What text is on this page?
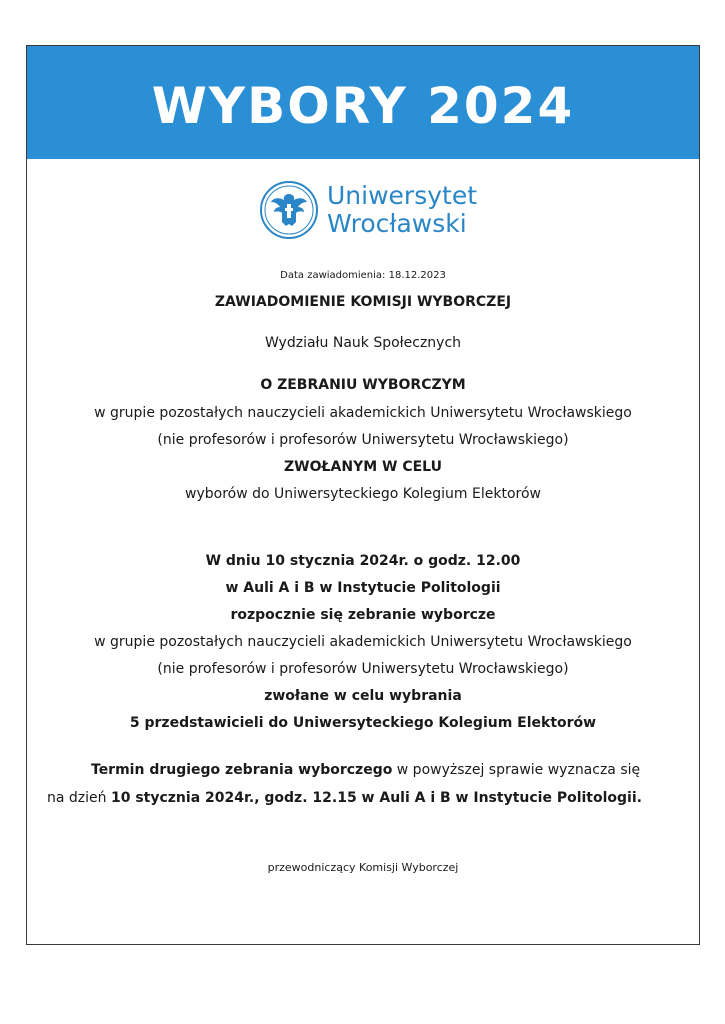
WYBORY 2024
Uniwersytet
Wrocławski
Data zawiadomienia: 18.12.2023
ZAWIADOMIENIE KOMISJI WYBORCZEJ
Wydziału Nauk Społecznych
O ZEBRANIU WYBORCZYM
w grupie pozostałych nauczycieli akademickich Uniwersytetu Wrocławskiego
(nie profesorów i profesorów Uniwersytetu Wrocławskiego)
ZWOŁANYM W CELU
wyborów do Uniwersyteckiego Kolegium Elektorów
W dniu 10 stycznia 2024r. o godz. 12.00
w Auli A i B w Instytucie Politologii
rozpocznie się zebranie wyborcze
w grupie pozostałych nauczycieli akademickich Uniwersytetu Wrocławskiego
(nie profesorów i profesorów Uniwersytetu Wrocławskiego)
zwołane w celu wybrania
5 przedstawicieli do Uniwersyteckiego Kolegium Elektorów
Termin drugiego zebrania wyborczego w powyższej sprawie wyznacza się
na dzień 10 stycznia 2024r., godz. 12.15 w Auli A i B w Instytucie Politologii.
przewodniczący Komisji Wyborczej
